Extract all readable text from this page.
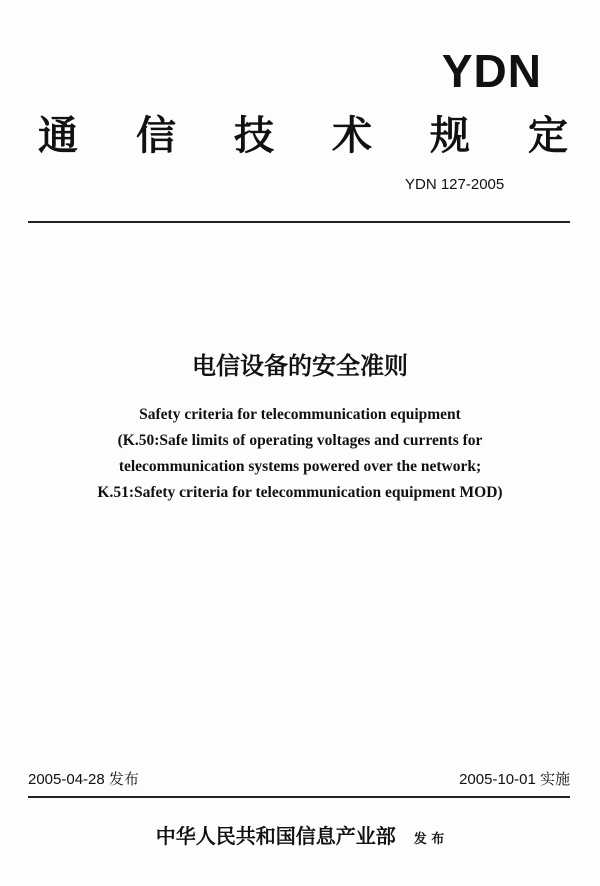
YDN
通 信 技 术 规 定
YDN 127-2005
电信设备的安全准则
Safety criteria for telecommunication equipment
(K.50:Safe limits of operating voltages and currents for
telecommunication systems powered over the network;
K.51:Safety criteria for telecommunication equipment MOD)
2005-04-28 发布	2005-10-01 实施
中华人民共和国信息产业部 发 布
